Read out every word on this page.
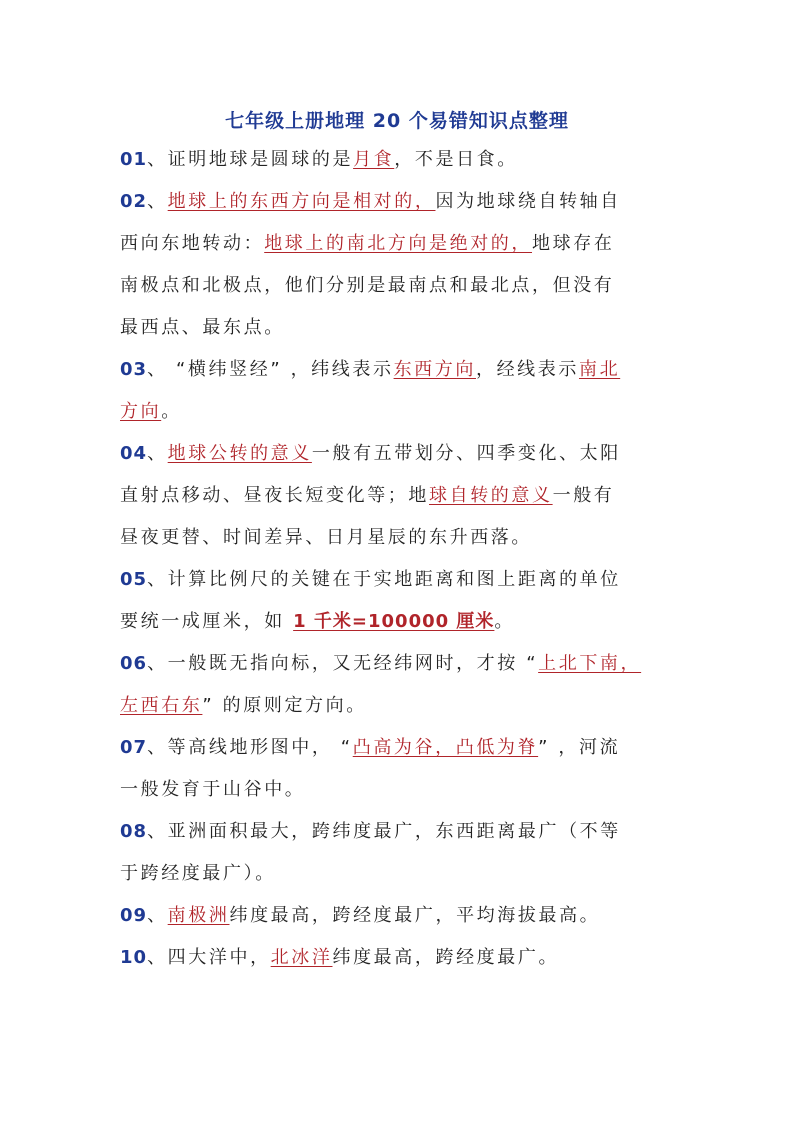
七年级上册地理 20 个易错知识点整理
01、证明地球是圆球的是月食，不是日食。
02、地球上的东西方向是相对的，因为地球绕自转轴自
西向东地转动：地球上的南北方向是绝对的，地球存在
南极点和北极点，他们分别是最南点和最北点，但没有
最西点、最东点。
03、 “横纬竖经” ，纬线表示东西方向，经线表示南北
方向。
04、地球公转的意义一般有五带划分、四季变化、太阳
直射点移动、昼夜长短变化等；地球自转的意义一般有
昼夜更替、时间差异、日月星辰的东升西落。
05、计算比例尺的关键在于实地距离和图上距离的单位
要统一成厘米，如 1 千米=100000 厘米。
06、一般既无指向标，又无经纬网时，才按 “上北下南，
左西右东” 的原则定方向。
07、等高线地形图中， “凸高为谷，凸低为脊” ，河流
一般发育于山谷中。
08、亚洲面积最大，跨纬度最广，东西距离最广（不等
于跨经度最广）。
09、南极洲纬度最高，跨经度最广，平均海拔最高。
10、四大洋中，北冰洋纬度最高，跨经度最广。
